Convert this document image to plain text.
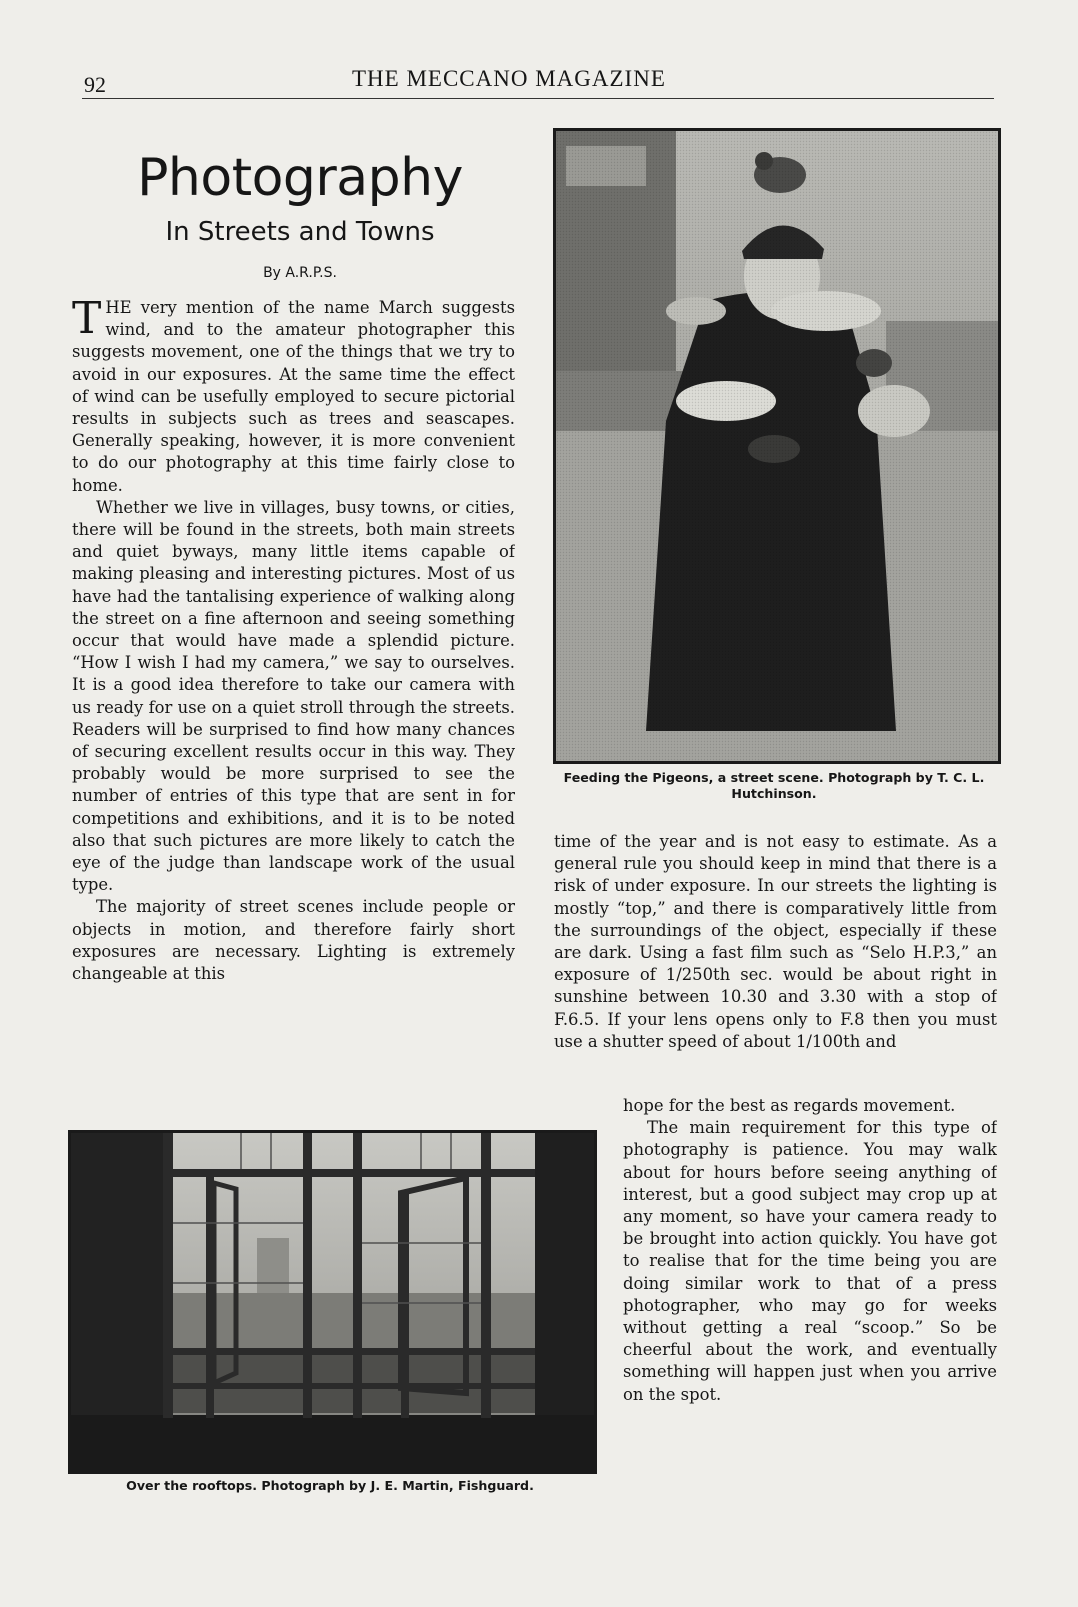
92	THE MECCANO MAGAZINE
Photography
In Streets and Towns
By A.R.P.S.

THE very mention of the name March suggests wind, and to the amateur photographer this suggests movement, one of the things that we try to avoid in our exposures. At the same time the effect of wind can be usefully employed to secure pictorial results in subjects such as trees and seascapes. Generally speaking, however, it is more convenient to do our photography at this time fairly close to home.

Whether we live in villages, busy towns, or cities, there will be found in the streets, both main streets and quiet byways, many little items capable of making pleasing and interesting pictures. Most of us have had the tantalising experience of walking along the street on a fine afternoon and seeing something occur that would have made a splendid picture. “How I wish I had my camera,” we say to ourselves. It is a good idea therefore to take our camera with us ready for use on a quiet stroll through the streets. Readers will be surprised to find how many chances of securing excellent results occur in this way. They probably would be more surprised to see the number of entries of this type that are sent in for competitions and exhibitions, and it is to be noted also that such pictures are more likely to catch the eye of the judge than landscape work of the usual type.

The majority of street scenes include people or objects in motion, and therefore fairly short exposures are necessary. Lighting is extremely changeable at this

time of the year and is not easy to estimate. As a general rule you should keep in mind that there is a risk of under exposure. In our streets the lighting is mostly “top,” and there is comparatively little from the surroundings of the object, especially if these are dark. Using a fast film such as “Selo H.P.3,” an exposure of 1/250th sec. would be about right in sunshine between 10.30 and 3.30 with a stop of F.6.5. If your lens opens only to F.8 then you must use a shutter speed of about 1/100th and

hope for the best as regards movement.

The main requirement for this type of photography is patience. You may walk about for hours before seeing anything of interest, but a good subject may crop up at any moment, so have your camera ready to be brought into action quickly. You have got to realise that for the time being you are doing similar work to that of a press photographer, who may go for weeks without getting a real “scoop.” So be cheerful about the work, and eventually something will happen just when you arrive on the spot.

Feeding the Pigeons, a street scene. Photograph by T. C. L. Hutchinson.
Over the rooftops. Photograph by J. E. Martin, Fishguard.
